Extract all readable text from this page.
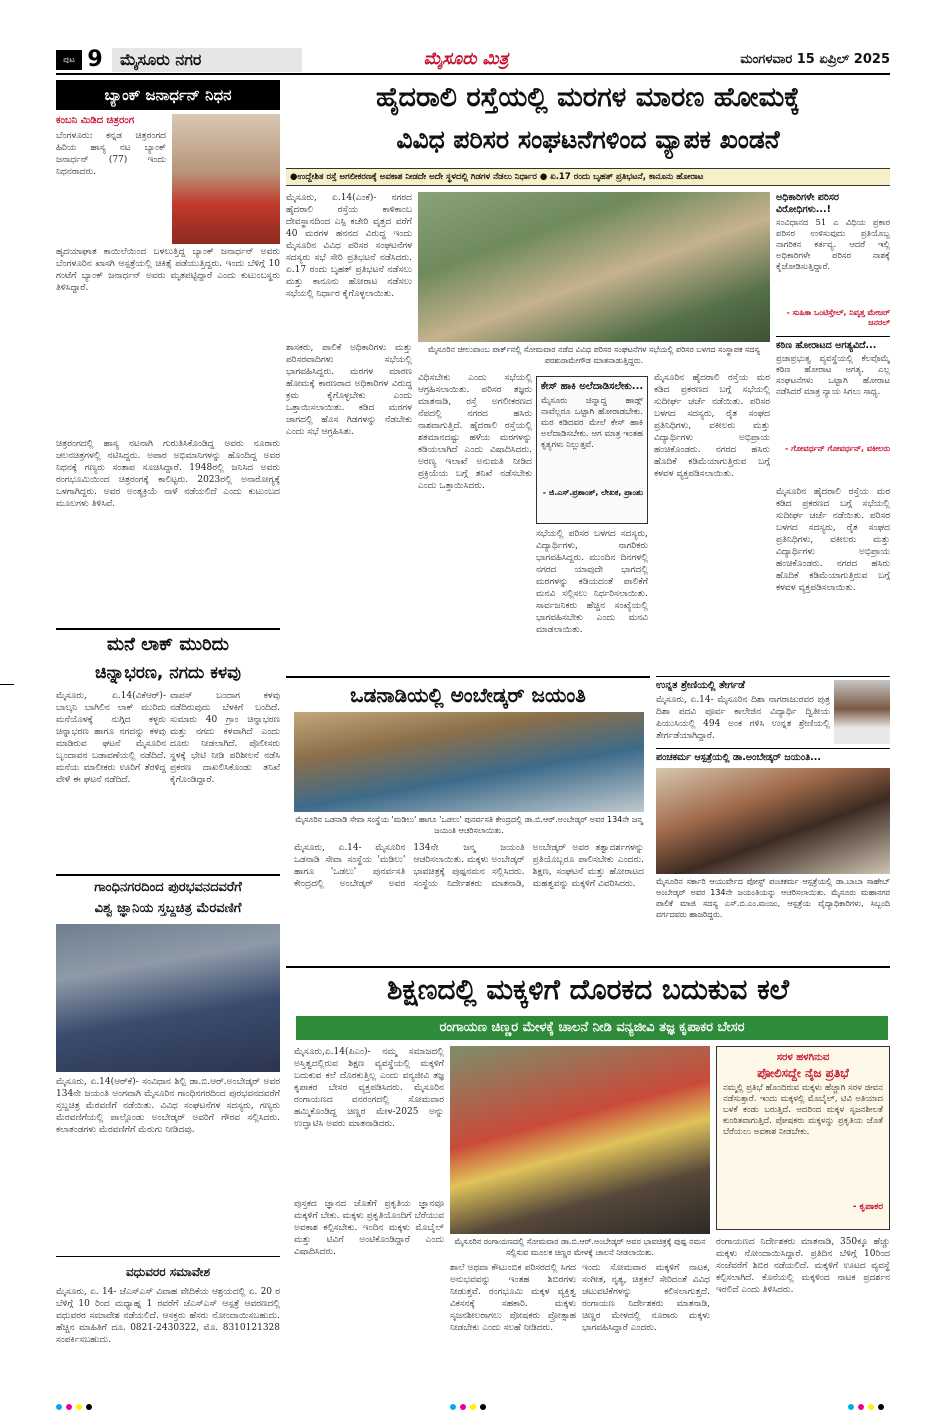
ಪುಟ 9	ಮೈಸೂರು ನಗರ	ಮೈಸೂರು ಮಿತ್ರ	ಮಂಗಳವಾರ 15 ಏಪ್ರಿಲ್ 2025
ಬ್ಯಾಂಕ್ ಜನಾರ್ಧನ್ ನಿಧನ
ಕಂಬನಿ ಮಿಡಿದ ಚಿತ್ರರಂಗ
ಬೆಂಗಳೂರು: ಕನ್ನಡ ಚಿತ್ರರಂಗದ ಹಿರಿಯ ಹಾಸ್ಯ ನಟ ಬ್ಯಾಂಕ್ ಜನಾರ್ಧನ್ (77) ಇಂದು ನಿಧನರಾದರು.
ಹೃದಯಾಘಾತ ಕಾಯಿಲೆಯಿಂದ ಬಳಲುತ್ತಿದ್ದ ಬ್ಯಾಂಕ್ ಜನಾರ್ಧನ್ ಅವರು ಬೆಂಗಳೂರಿನ ಖಾಸಗಿ ಆಸ್ಪತ್ರೆಯಲ್ಲಿ ಚಿಕಿತ್ಸೆ ಪಡೆಯುತ್ತಿದ್ದರು. ಇಂದು ಬೆಳಿಗ್ಗೆ 10 ಗಂಟೆಗೆ ಬ್ಯಾಂಕ್ ಜನಾರ್ಧನ್ ಅವರು ಮೃತಪಟ್ಟಿದ್ದಾರೆ ಎಂದು ಕುಟುಂಬಸ್ಥರು ತಿಳಿಸಿದ್ದಾರೆ.
ಚಿತ್ರರಂಗದಲ್ಲಿ ಹಾಸ್ಯ ನಟನಾಗಿ ಗುರುತಿಸಿಕೊಂಡಿದ್ದ ಅವರು ನೂರಾರು ಚಲನಚಿತ್ರಗಳಲ್ಲಿ ನಟಿಸಿದ್ದರು. ಅಪಾರ ಅಭಿಮಾನಿಗಳನ್ನು ಹೊಂದಿದ್ದ ಅವರ ನಿಧನಕ್ಕೆ ಗಣ್ಯರು ಸಂತಾಪ ಸೂಚಿಸಿದ್ದಾರೆ. 1948ರಲ್ಲಿ ಜನಿಸಿದ ಅವರು ರಂಗಭೂಮಿಯಿಂದ ಚಿತ್ರರಂಗಕ್ಕೆ ಕಾಲಿಟ್ಟರು. 2023ರಲ್ಲಿ ಅನಾರೋಗ್ಯಕ್ಕೆ ಒಳಗಾಗಿದ್ದರು. ಅವರ ಅಂತ್ಯಕ್ರಿಯೆ ನಾಳೆ ನಡೆಯಲಿದೆ ಎಂದು ಕುಟುಂಬದ ಮೂಲಗಳು ತಿಳಿಸಿವೆ.
ಹೈದರಾಲಿ ರಸ್ತೆಯಲ್ಲಿ ಮರಗಳ ಮಾರಣ ಹೋಮಕ್ಕೆ
ವಿವಿಧ ಪರಿಸರ ಸಂಘಟನೆಗಳಿಂದ ವ್ಯಾಪಕ ಖಂಡನೆ
●ಉದ್ದೇಶಿತ ರಸ್ತೆ ಅಗಲೀಕರಣಕ್ಕೆ ಅವಕಾಶ ನೀಡದೇ ಅದೇ ಸ್ಥಳದಲ್ಲಿ ಗಿಡಗಳ ನೆಡಲು ನಿರ್ಧಾರ ● ಏ.17 ರಂದು ಬೃಹತ್ ಪ್ರತಿಭಟನೆ, ಕಾನೂನು ಹೋರಾಟ
ಮೈಸೂರು, ಏ.14(ಎಂಕೆ)- ನಗರದ ಹೈದರಾಲಿ ರಸ್ತೆಯ ಕಾಳಿಕಾಂಬ ದೇವಸ್ಥಾನದಿಂದ ಎಸ್ಪಿ ಕಚೇರಿ ವೃತ್ತದ ವರೆಗೆ 40 ಮರಗಳ ಹನನದ ವಿರುದ್ಧ ಇಂದು ಮೈಸೂರಿನ ವಿವಿಧ ಪರಿಸರ ಸಂಘಟನೆಗಳ ಸದಸ್ಯರು ಸಭೆ ಸೇರಿ ಪ್ರತಿಭಟನೆ ನಡೆಸಿದರು. ಏ.17 ರಂದು ಬೃಹತ್ ಪ್ರತಿಭಟನೆ ನಡೆಸಲು ಮತ್ತು ಕಾನೂನು ಹೋರಾಟ ನಡೆಸಲು ಸಭೆಯಲ್ಲಿ ನಿರ್ಧಾರ ಕೈಗೊಳ್ಳಲಾಯಿತು.
ಮೈಸೂರಿನ ಚೀಲುವಾಂಬ ಪಾರ್ಕ್‌ನಲ್ಲಿ ಸೋಮವಾರ ನಡೆದ ವಿವಿಧ ಪರಿಸರ ಸಂಘಟನೆಗಳ ಸಭೆಯಲ್ಲಿ ಪರಿಸರ ಬಳಗದ ಸಂಸ್ಥಾಪಕ ಸದಸ್ಯ ಪರಶುರಾಮೇಗೌಡ ಮಾತನಾಡುತ್ತಿದ್ದರು.
ಶಾಸಕರು, ಪಾಲಿಕೆ ಅಧಿಕಾರಿಗಳು ಮತ್ತು ಪರಿಸರವಾದಿಗಳು ಸಭೆಯಲ್ಲಿ ಭಾಗವಹಿಸಿದ್ದರು. ಮರಗಳ ಮಾರಣ ಹೋಮಕ್ಕೆ ಕಾರಣರಾದ ಅಧಿಕಾರಿಗಳ ವಿರುದ್ಧ ಕ್ರಮ ಕೈಗೊಳ್ಳಬೇಕು ಎಂದು ಒತ್ತಾಯಿಸಲಾಯಿತು. ಕಡಿದ ಮರಗಳ ಜಾಗದಲ್ಲಿ ಹೊಸ ಗಿಡಗಳನ್ನು ನೆಡಬೇಕು ಎಂದು ಸಭೆ ಆಗ್ರಹಿಸಿತು.
ವಿಧಿಸಬೇಕು ಎಂದು ಸಭೆಯಲ್ಲಿ ಆಗ್ರಹಿಸಲಾಯಿತು. ಪರಿಸರ ತಜ್ಞರು ಮಾತನಾಡಿ, ರಸ್ತೆ ಅಗಲೀಕರಣದ ನೆಪದಲ್ಲಿ ನಗರದ ಹಸಿರು ನಾಶವಾಗುತ್ತಿದೆ. ಹೈದರಾಲಿ ರಸ್ತೆಯಲ್ಲಿ ಶತಮಾನದಷ್ಟು ಹಳೆಯ ಮರಗಳನ್ನು ಕಡಿಯಲಾಗಿದೆ ಎಂದು ವಿಷಾದಿಸಿದರು. ಅರಣ್ಯ ಇಲಾಖೆ ಅನುಮತಿ ನೀಡಿದ ಪ್ರಕ್ರಿಯೆಯ ಬಗ್ಗೆ ತನಿಖೆ ನಡೆಸಬೇಕು ಎಂದು ಒತ್ತಾಯಿಸಿದರು.
ಕೇಸ್ ಹಾಕಿ ಅಲೆದಾಡಿಸಲೇಕು...
ಮೈಸೂರು ಚಿನ್ನಾದ್ದ ಹಾಡ್ಗ್ ನಾವೆಲ್ಲರೂ ಒಟ್ಟಾಗಿ ಹೋರಾಡಬೇಕು. ಮರ ಕಡಿದವರ ಮೇಲೆ ಕೇಸ್ ಹಾಕಿ ಅಲೆದಾಡಿಸಬೇಕು. ಆಗ ಮಾತ್ರ ಇಂತಹ ಕೃತ್ಯಗಳು ನಿಲ್ಲುತ್ತವೆ.
- ಜಿ.ಎಸ್.ಪ್ರಶಾಂತ್, ಲೇಖಕ, ಪ್ರಾಂಶು
ಸಭೆಯಲ್ಲಿ ಪರಿಸರ ಬಳಗದ ಸದಸ್ಯರು, ವಿದ್ಯಾರ್ಥಿಗಳು, ನಾಗರಿಕರು ಭಾಗವಹಿಸಿದ್ದರು. ಮುಂದಿನ ದಿನಗಳಲ್ಲಿ ನಗರದ ಯಾವುದೇ ಭಾಗದಲ್ಲಿ ಮರಗಳನ್ನು ಕಡಿಯದಂತೆ ಪಾಲಿಕೆಗೆ ಮನವಿ ಸಲ್ಲಿಸಲು ನಿರ್ಧರಿಸಲಾಯಿತು. ಸಾರ್ವಜನಿಕರು ಹೆಚ್ಚಿನ ಸಂಖ್ಯೆಯಲ್ಲಿ ಭಾಗವಹಿಸಬೇಕು ಎಂದು ಮನವಿ ಮಾಡಲಾಯಿತು.
ಮೈಸೂರಿನ ಹೈದರಾಲಿ ರಸ್ತೆಯ ಮರ ಕಡಿದ ಪ್ರಕರಣದ ಬಗ್ಗೆ ಸಭೆಯಲ್ಲಿ ಸುದೀರ್ಘ ಚರ್ಚೆ ನಡೆಯಿತು. ಪರಿಸರ ಬಳಗದ ಸದಸ್ಯರು, ರೈತ ಸಂಘದ ಪ್ರತಿನಿಧಿಗಳು, ವಕೀಲರು ಮತ್ತು ವಿದ್ಯಾರ್ಥಿಗಳು ಅಭಿಪ್ರಾಯ ಹಂಚಿಕೊಂಡರು. ನಗರದ ಹಸಿರು ಹೊದಿಕೆ ಕಡಿಮೆಯಾಗುತ್ತಿರುವ ಬಗ್ಗೆ ಕಳವಳ ವ್ಯಕ್ತಪಡಿಸಲಾಯಿತು.
ಅಧಿಕಾರಿಗಳೇ ಪರಿಸರ ವಿರೋಧಿಗಳು...!
ಸಂವಿಧಾನದ 51 ಎ ವಿಧಿಯ ಪ್ರಕಾರ ಪರಿಸರ ಉಳಿಸುವುದು ಪ್ರತಿಯೊಬ್ಬ ನಾಗರಿಕನ ಕರ್ತವ್ಯ. ಆದರೆ ಇಲ್ಲಿ ಅಧಿಕಾರಿಗಳೇ ಪರಿಸರ ನಾಶಕ್ಕೆ ಕೈಜೋಡಿಸುತ್ತಿದ್ದಾರೆ.
- ಸುಹಿಕಾ ಒಂಟಿಸ್ತೇಲ್, ನಿವೃತ್ತ ಮೇಜರ್ ಜನರಲ್
ಕಠಿಣ ಹೋರಾಟದ ಅಗತ್ಯವಿದೆ...
ಪ್ರಜಾಪ್ರಭುತ್ವ ವ್ಯವಸ್ಥೆಯಲ್ಲಿ ಕೆಲವೊಮ್ಮೆ ಕಠಿಣ ಹೋರಾಟ ಅಗತ್ಯ. ಎಲ್ಲ ಸಂಘಟನೆಗಳು ಒಟ್ಟಾಗಿ ಹೋರಾಟ ನಡೆಸಿದರೆ ಮಾತ್ರ ನ್ಯಾಯ ಸಿಗಲು ಸಾಧ್ಯ.
- ಗೋವರ್ಧನ್ ಗೋವರ್ಧನ್, ವಕೀಲರು
ಮೈಸೂರಿನ ಹೈದರಾಲಿ ರಸ್ತೆಯ ಮರ ಕಡಿದ ಪ್ರಕರಣದ ಬಗ್ಗೆ ಸಭೆಯಲ್ಲಿ ಸುದೀರ್ಘ ಚರ್ಚೆ ನಡೆಯಿತು. ಪರಿಸರ ಬಳಗದ ಸದಸ್ಯರು, ರೈತ ಸಂಘದ ಪ್ರತಿನಿಧಿಗಳು, ವಕೀಲರು ಮತ್ತು ವಿದ್ಯಾರ್ಥಿಗಳು ಅಭಿಪ್ರಾಯ ಹಂಚಿಕೊಂಡರು. ನಗರದ ಹಸಿರು ಹೊದಿಕೆ ಕಡಿಮೆಯಾಗುತ್ತಿರುವ ಬಗ್ಗೆ ಕಳವಳ ವ್ಯಕ್ತಪಡಿಸಲಾಯಿತು.
ಮನೆ ಲಾಕ್ ಮುರಿದು
ಚಿನ್ನಾಭರಣ, ನಗದು ಕಳವು
ಮೈಸೂರು, ಏ.14(ವಿಕೆಆರ್)- ಬಾಲ್ಕನಿ ಬಾಗಿಲಿನ ಲಾಕ್ ಮುರಿದು ಮನೆಯೊಳಕ್ಕೆ ನುಗ್ಗಿದ ಕಳ್ಳರು ಚಿನ್ನಾಭರಣ ಹಾಗೂ ನಗದನ್ನು ಕಳವು ಮಾಡಿರುವ ಘಟನೆ ಮೈಸೂರಿನ ಬೃಂದಾವನ ಬಡಾವಣೆಯಲ್ಲಿ ನಡೆದಿದೆ. ಮನೆಯ ಮಾಲೀಕರು ಊರಿಗೆ ತೆರಳಿದ್ದ ವೇಳೆ ಈ ಘಟನೆ ನಡೆದಿದೆ.
ವಾಪಸ್ ಬಂದಾಗ ಕಳವು ನಡೆದಿರುವುದು ಬೆಳಕಿಗೆ ಬಂದಿದೆ. ಸುಮಾರು 40 ಗ್ರಾಂ ಚಿನ್ನಾಭರಣ ಮತ್ತು ನಗದು ಕಳವಾಗಿದೆ ಎಂದು ದೂರು ನೀಡಲಾಗಿದೆ. ಪೊಲೀಸರು ಸ್ಥಳಕ್ಕೆ ಭೇಟಿ ನೀಡಿ ಪರಿಶೀಲನೆ ನಡೆಸಿ ಪ್ರಕರಣ ದಾಖಲಿಸಿಕೊಂಡು ತನಿಖೆ ಕೈಗೊಂಡಿದ್ದಾರೆ.
ಗಾಂಧಿನಗರದಿಂದ ಪುರಭವನದವರೆಗೆ
ವಿಶ್ವ ಜ್ಞಾನಿಯ ಸ್ತಬ್ದಚಿತ್ರ ಮೆರವಣಿಗೆ
ಮೈಸೂರು, ಏ.14(ಆರ್‌ಕೆ)- ಸಂವಿಧಾನ ಶಿಲ್ಪಿ ಡಾ.ಬಿ.ಆರ್.ಅಂಬೇಡ್ಕರ್ ಅವರ 134ನೇ ಜಯಂತಿ ಅಂಗವಾಗಿ ಮೈಸೂರಿನ ಗಾಂಧಿನಗರದಿಂದ ಪುರಭವನದವರೆಗೆ ಸ್ತಬ್ದಚಿತ್ರ ಮೆರವಣಿಗೆ ನಡೆಯಿತು. ವಿವಿಧ ಸಂಘಟನೆಗಳ ಸದಸ್ಯರು, ಗಣ್ಯರು ಮೆರವಣಿಗೆಯಲ್ಲಿ ಪಾಲ್ಗೊಂಡು ಅಂಬೇಡ್ಕರ್ ಅವರಿಗೆ ಗೌರವ ಸಲ್ಲಿಸಿದರು. ಕಲಾತಂಡಗಳು ಮೆರವಣಿಗೆಗೆ ಮೆರುಗು ನೀಡಿದವು.
ವಧುವರರ ಸಮಾವೇಶ
ಮೈಸೂರು, ಏ. 14- ಜೆಎಸ್‌ಎಸ್ ವಿವಾಹ ವೇದಿಕೆಯ ಆಶ್ರಯದಲ್ಲಿ ಏ. 20 ರ ಬೆಳಿಗ್ಗೆ 10 ರಿಂದ ಮಧ್ಯಾಹ್ನ 1 ರವರೆಗೆ ಜೆಎಸ್‌ಎಸ್ ಆಸ್ಪತ್ರೆ ಆವರಣದಲ್ಲಿ ವಧುವರರ ಸಮಾವೇಶ ನಡೆಯಲಿದೆ. ಆಸಕ್ತರು ಹೆಸರು ನೋಂದಾಯಿಸಬಹುದು. ಹೆಚ್ಚಿನ ಮಾಹಿತಿಗೆ ದೂ. 0821-2430322, ಮೊ. 8310121328 ಸಂಪರ್ಕಿಸಬಹುದು.
ಒಡನಾಡಿಯಲ್ಲಿ ಅಂಬೇಡ್ಕರ್ ಜಯಂತಿ
ಮೈಸೂರಿನ ಒಡನಾಡಿ ಸೇವಾ ಸಂಸ್ಥೆಯ 'ಮಡಿಲು' ಹಾಗೂ 'ಒಡಲು' ಪುನರ್ವಸತಿ ಕೇಂದ್ರದಲ್ಲಿ ಡಾ.ಬಿ.ಆರ್.ಅಂಬೇಡ್ಕರ್ ಅವರ 134ನೇ ಜನ್ಮ ಜಯಂತಿ ಆಚರಿಸಲಾಯಿತು.
ಮೈಸೂರು, ಏ.14- ಮೈಸೂರಿನ ಒಡನಾಡಿ ಸೇವಾ ಸಂಸ್ಥೆಯ 'ಮಡಿಲು' ಹಾಗೂ 'ಒಡಲು' ಪುನರ್ವಸತಿ ಕೇಂದ್ರದಲ್ಲಿ ಅಂಬೇಡ್ಕರ್ ಅವರ 134ನೇ ಜನ್ಮ ಜಯಂತಿ ಆಚರಿಸಲಾಯಿತು. ಮಕ್ಕಳು ಅಂಬೇಡ್ಕರ್ ಭಾವಚಿತ್ರಕ್ಕೆ ಪುಷ್ಪನಮನ ಸಲ್ಲಿಸಿದರು. ಸಂಸ್ಥೆಯ ನಿರ್ದೇಶಕರು ಮಾತನಾಡಿ, ಅಂಬೇಡ್ಕರ್ ಅವರ ತತ್ವಾದರ್ಶಗಳನ್ನು ಪ್ರತಿಯೊಬ್ಬರೂ ಪಾಲಿಸಬೇಕು ಎಂದರು. ಶಿಕ್ಷಣ, ಸಂಘಟನೆ ಮತ್ತು ಹೋರಾಟದ ಮಹತ್ವವನ್ನು ಮಕ್ಕಳಿಗೆ ವಿವರಿಸಿದರು.
ಉನ್ನತ ಶ್ರೇಣಿಯಲ್ಲಿ ತೇರ್ಗಡೆ
ಮೈಸೂರು, ಏ.14- ಮೈಸೂರಿನ ದಿಶಾ ನಾಗರಾಜುರವರ ಪುತ್ರ ದಿಶಾ ಪದವಿ ಪೂರ್ವ ಕಾಲೇಜಿನ ವಿದ್ಯಾರ್ಥಿ ದ್ವಿತೀಯ ಪಿಯುಸಿಯಲ್ಲಿ 494 ಅಂಕ ಗಳಿಸಿ ಉನ್ನತ ಶ್ರೇಣಿಯಲ್ಲಿ ತೇರ್ಗಡೆಯಾಗಿದ್ದಾರೆ.
ಪಂಚಕರ್ಮ ಆಸ್ಪತ್ರೆಯಲ್ಲಿ ಡಾ.ಅಂಬೇಡ್ಕರ್ ಜಯಂತಿ...
ಮೈಸೂರಿನ ಸರ್ಕಾರಿ ಆಯುರ್ವೇದ ಪೋಸ್ಟ್ ಪಂಚಕರ್ಮ ಆಸ್ಪತ್ರೆಯಲ್ಲಿ ಡಾ.ಬಾಬಾ ಸಾಹೇಬ್ ಅಂಬೇಡ್ಕರ್ ಅವರ 134ನೇ ಜಯಂತಿಯನ್ನು ಆಚರಿಸಲಾಯಿತು. ಮೈಸೂರು ಮಹಾನಗರ ಪಾಲಿಕೆ ಮಾಜಿ ಸದಸ್ಯ ಎಸ್.ಬಿ.ಎಂ.ಮಂಜು, ಆಸ್ಪತ್ರೆಯ ವೈದ್ಯಾಧಿಕಾರಿಗಳು, ಸಿಬ್ಬಂದಿ ವರ್ಗದವರು ಹಾಜರಿದ್ದರು.
ಶಿಕ್ಷಣದಲ್ಲಿ ಮಕ್ಕಳಿಗೆ ದೊರಕದ ಬದುಕುವ ಕಲೆ
ರಂಗಾಯಣ ಚಿಣ್ಣರ ಮೇಳಕ್ಕೆ ಚಾಲನೆ ನೀಡಿ ವನ್ಯಜೀವಿ ತಜ್ಞ ಕೃಪಾಕರ ಬೇಸರ
ಮೈಸೂರು,ಏ.14(ಪಿಎಂ)- ನಮ್ಮ ಸಮಾಜದಲ್ಲಿ ಅಸ್ತಿತ್ವದಲ್ಲಿರುವ ಶಿಕ್ಷಣ ವ್ಯವಸ್ಥೆಯಲ್ಲಿ ಮಕ್ಕಳಿಗೆ ಬದುಕುವ ಕಲೆ ದೊರಕುತ್ತಿಲ್ಲ ಎಂದು ವನ್ಯಜೀವಿ ತಜ್ಞ ಕೃಪಾಕರ ಬೇಸರ ವ್ಯಕ್ತಪಡಿಸಿದರು. ಮೈಸೂರಿನ ರಂಗಾಯಣದ ವನರಂಗದಲ್ಲಿ ಸೋಮವಾರ ಹಮ್ಮಿಕೊಂಡಿದ್ದ ಚಿಣ್ಣರ ಮೇಳ-2025 ಅನ್ನು ಉದ್ಘಾಟಿಸಿ ಅವರು ಮಾತನಾಡಿದರು.
ಪುಸ್ತಕದ ಜ್ಞಾನದ ಜೊತೆಗೆ ಪ್ರಕೃತಿಯ ಜ್ಞಾನವೂ ಮಕ್ಕಳಿಗೆ ಬೇಕು. ಮಕ್ಕಳು ಪ್ರಕೃತಿಯೊಂದಿಗೆ ಬೆರೆಯುವ ಅವಕಾಶ ಕಲ್ಪಿಸಬೇಕು. ಇಂದಿನ ಮಕ್ಕಳು ಮೊಬೈಲ್ ಮತ್ತು ಟಿವಿಗೆ ಅಂಟಿಕೊಂಡಿದ್ದಾರೆ ಎಂದು ವಿಷಾದಿಸಿದರು.
ಮೈಸೂರಿನ ರಂಗಾಯಣದಲ್ಲಿ ಸೋಮವಾರ ಡಾ.ಬಿ.ಆರ್.ಅಂಬೇಡ್ಕರ್ ಅವರ ಭಾವಚಿತ್ರಕ್ಕೆ ಪುಷ್ಪ ನಮನ ಸಲ್ಲಿಸುವ ಮೂಲಕ ಚಿಣ್ಣರ ಮೇಳಕ್ಕೆ ಚಾಲನೆ ನೀಡಲಾಯಿತು.
ಶಾಲೆ ಅಥವಾ ಕೌಟುಂಬಿಕ ಪರಿಸರದಲ್ಲಿ ಸಿಗದ ಅನುಭವವನ್ನು ಇಂತಹ ಶಿಬಿರಗಳು ನೀಡುತ್ತವೆ. ರಂಗಭೂಮಿ ಮಕ್ಕಳ ವ್ಯಕ್ತಿತ್ವ ವಿಕಸನಕ್ಕೆ ಸಹಕಾರಿ. ಮಕ್ಕಳು ಸೃಜನಶೀಲರಾಗಲು ಪೋಷಕರು ಪ್ರೋತ್ಸಾಹ ನೀಡಬೇಕು ಎಂದು ಸಲಹೆ ನೀಡಿದರು.
ಇಂದು ಸೋಮವಾರ ಮಕ್ಕಳಿಗೆ ನಾಟಕ, ಸಂಗೀತ, ನೃತ್ಯ, ಚಿತ್ರಕಲೆ ಸೇರಿದಂತೆ ವಿವಿಧ ಚಟುವಟಿಕೆಗಳನ್ನು ಕಲಿಸಲಾಗುತ್ತದೆ. ರಂಗಾಯಣ ನಿರ್ದೇಶಕರು ಮಾತನಾಡಿ, ಚಿಣ್ಣರ ಮೇಳದಲ್ಲಿ ನೂರಾರು ಮಕ್ಕಳು ಭಾಗವಹಿಸಿದ್ದಾರೆ ಎಂದರು.
ಸರಳ ಹಳಗಿನುವ
ಪೋಲಿಸದ್ದೇ ನೈಜ ಪ್ರತಿಭೆ
ನಮ್ಮಲ್ಲಿ ಪ್ರತಿಭೆ ಹೊಂದಿರುವ ಮಕ್ಕಳು ಹೆಚ್ಚಾಗಿ ಸರಳ ಜೀವನ ನಡೆಸುತ್ತಾರೆ. ಇಂದು ಮಕ್ಕಳಲ್ಲಿ ಮೊಬೈಲ್, ಟಿವಿ ಅತಿಯಾದ ಬಳಕೆ ಕಂಡು ಬರುತ್ತಿದೆ. ಅದರಿಂದ ಮಕ್ಕಳ ಸೃಜನಶೀಲತೆ ಕುಂಠಿತವಾಗುತ್ತಿದೆ. ಪೋಷಕರು ಮಕ್ಕಳನ್ನು ಪ್ರಕೃತಿಯ ಜೊತೆ ಬೆರೆಯಲು ಅವಕಾಶ ನೀಡಬೇಕು.
- ಕೃಪಾಕರ
ರಂಗಾಯಣದ ನಿರ್ದೇಶಕರು ಮಾತನಾಡಿ, 350ಕ್ಕೂ ಹೆಚ್ಚು ಮಕ್ಕಳು ನೋಂದಾಯಿಸಿದ್ದಾರೆ. ಪ್ರತಿದಿನ ಬೆಳಿಗ್ಗೆ 10ರಿಂದ ಸಂಜೆವರೆಗೆ ಶಿಬಿರ ನಡೆಯಲಿದೆ. ಮಕ್ಕಳಿಗೆ ಊಟದ ವ್ಯವಸ್ಥೆ ಕಲ್ಪಿಸಲಾಗಿದೆ. ಕೊನೆಯಲ್ಲಿ ಮಕ್ಕಳಿಂದ ನಾಟಕ ಪ್ರದರ್ಶನ ಇರಲಿದೆ ಎಂದು ತಿಳಿಸಿದರು.
